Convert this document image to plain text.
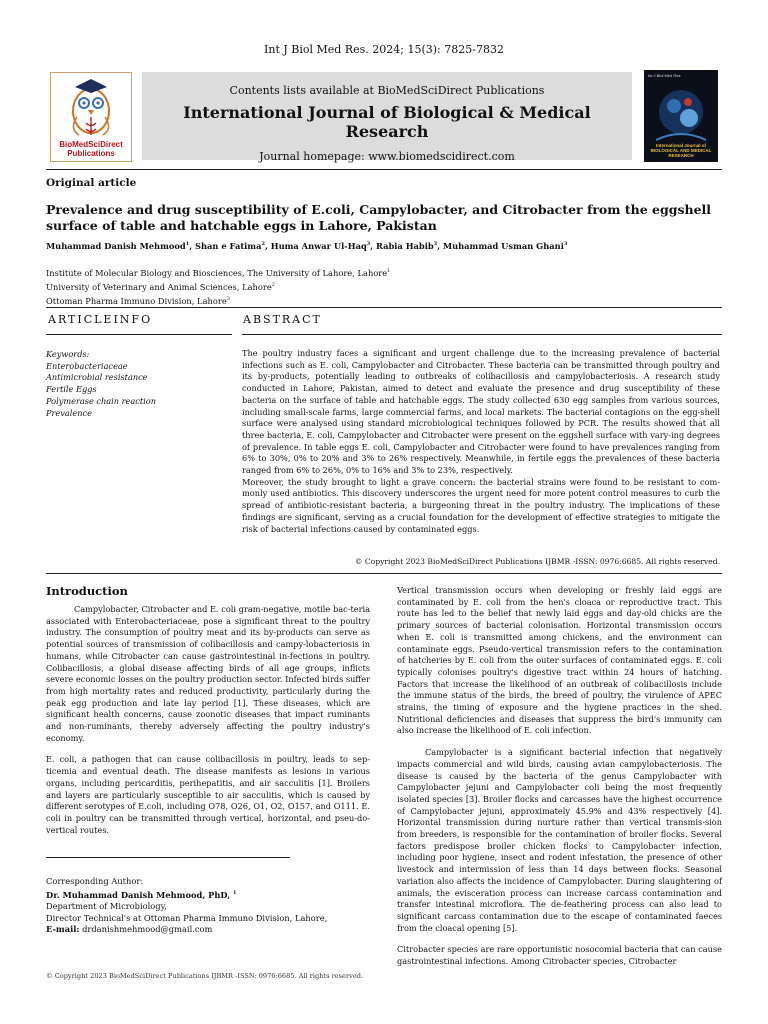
Int J Biol Med Res. 2024; 15(3): 7825-7832
BioMedSciDirect
Publications
Contents lists available at BioMedSciDirect Publications
International Journal of Biological & Medical Research
Journal homepage: www.biomedscidirect.com
Int J Biol Med Res
International Journal of BIOLOGICAL AND MEDICAL RESEARCH
Original article
Prevalence and drug susceptibility of E.coli, Campylobacter, and Citrobacter from the eggshell surface of table and hatchable eggs in Lahore, Pakistan
Muhammad Danish Mehmood$^1$, Shan e Fatima$^2$, Huma Anwar Ul-Haq$^3$, Rabia Habib$^3$, Muhammad Usman Ghani$^3$
Institute of Molecular Biology and Biosciences, The University of Lahore, Lahore$^1$
University of Veterinary and Animal Sciences, Lahore$^2$
Ottoman Pharma Immuno Division, Lahore$^3$
ARTICLEINFO	ABSTRACT
Keywords:
Enterobacteriaceae
Antimicrobial resistance
Fertile Eggs
Polymerase chain reaction
Prevalence

The poultry industry faces a significant and urgent challenge due to the increasing prevalence of bacterial infections such as E. coli, Campylobacter and Citrobacter. These bacteria can be transmitted through poultry and its by-products, potentially leading to outbreaks of colibacillosis and campylobacteriosis. A research study conducted in Lahore, Pakistan, aimed to detect and evaluate the presence and drug susceptibility of these bacteria on the surface of table and hatchable eggs. The study collected 630 egg samples from various sources, including small-scale farms, large commercial farms, and local markets. The bacterial contagions on the egg-shell surface were analysed using standard microbiological techniques followed by PCR. The results showed that all three bacteria, E. coli, Campylobacter and Citrobacter were present on the eggshell surface with vary-ing degrees of prevalence. In table eggs E. coli, Campylobacter and Citrobacter were found to have prevalences ranging from 6% to 30%, 0% to 20% and 3% to 26% respectively. Meanwhile, in fertile eggs the prevalences of these bacteria ranged from 6% to 26%, 0% to 16% and 3% to 23%, respectively.

Moreover, the study brought to light a grave concern: the bacterial strains were found to be resistant to com-monly used antibiotics. This discovery underscores the urgent need for more potent control measures to curb the spread of antibiotic-resistant bacteria, a burgeoning threat in the poultry industry. The implications of these findings are significant, serving as a crucial foundation for the development of effective strategies to mitigate the risk of bacterial infections caused by contaminated eggs.

© Copyright 2023 BioMedSciDirect Publications IJBMR -ISSN: 0976:6685. All rights reserved.
Introduction

Campylobacter, Citrobacter and E. coli gram-negative, motile bac-teria associated with Enterobacteriaceae, pose a significant threat to the poultry industry. The consumption of poultry meat and its by-products can serve as potential sources of transmission of colibacillosis and campy-lobacteriosis in humans, while Citrobacter can cause gastrointestinal in-fections in poultry. Colibacillosis, a global disease affecting birds of all age groups, inflicts severe economic losses on the poultry production sector. Infected birds suffer from high mortality rates and reduced productivity, particularly during the peak egg production and late lay period [1]. These diseases, which are significant health concerns, cause zoonotic diseases that impact ruminants and non-ruminants, thereby adversely affecting the poultry industry's economy.

E. coli, a pathogen that can cause colibacillosis in poultry, leads to sep-ticemia and eventual death. The disease manifests as lesions in various organs, including pericarditis, perihepatitis, and air sacculitis [1]. Broilers and layers are particularly susceptible to air sacculitis, which is caused by different serotypes of E.coli, including O78, O26, O1, O2, O157, and O111. E. coli in poultry can be transmitted through vertical, horizontal, and pseu-do-vertical routes.

Vertical transmission occurs when developing or freshly laid eggs are contaminated by E. coli from the hen's cloaca or reproductive tract. This route has led to the belief that newly laid eggs and day-old chicks are the primary sources of bacterial colonisation. Horizontal transmission occurs when E. coli is transmitted among chickens, and the environment can contaminate eggs. Pseudo-vertical transmission refers to the contamination of hatcheries by E. coli from the outer surfaces of contaminated eggs. E. coli typically colonises poultry's digestive tract within 24 hours of hatching. Factors that increase the likelihood of an outbreak of colibacillosis include the immune status of the birds, the breed of poultry, the virulence of APEC strains, the timing of exposure and the hygiene practices in the shed. Nutritional deficiencies and diseases that suppress the bird's immunity can also increase the likelihood of E. coli infection.

Campylobacter is a significant bacterial infection that negatively impacts commercial and wild birds, causing avian campylobacteriosis. The disease is caused by the bacteria of the genus Campylobacter with Campylobacter jejuni and Campylobacter coli being the most frequently isolated species [3]. Broiler flocks and carcasses have the highest occurrence of Campylobacter jejuni, approximately 45.9% and 43% respectively [4]. Horizontal transmission during nurture rather than vertical transmis-sion from breeders, is responsible for the contamination of broiler flocks. Several factors predispose broiler chicken flocks to Campylobacter infection, including poor hygiene, insect and rodent infestation, the presence of other livestock and intermission of less than 14 days between flocks. Seasonal variation also affects the incidence of Campylobacter. During slaughtering of animals, the evisceration process can increase carcass contamination and transfer intestinal microflora. The de-feathering process can also lead to significant carcass contamination due to the escape of contaminated faeces from the cloacal opening [5].

Citrobacter species are rare opportunistic nosocomial bacteria that can cause gastrointestinal infections. Among Citrobacter species, Citrobacter

Corresponding Author:
Dr. Muhammad Danish Mehmood, PhD, $^1$
Department of Microbiology,
Director Technical's at Ottoman Pharma Immuno Division, Lahore,
E-mail: drdanishmehmood@gmail.com
© Copyright 2023 BioMedSciDirect Publications IJBMR -ISSN: 0976:6685. All rights reserved.
